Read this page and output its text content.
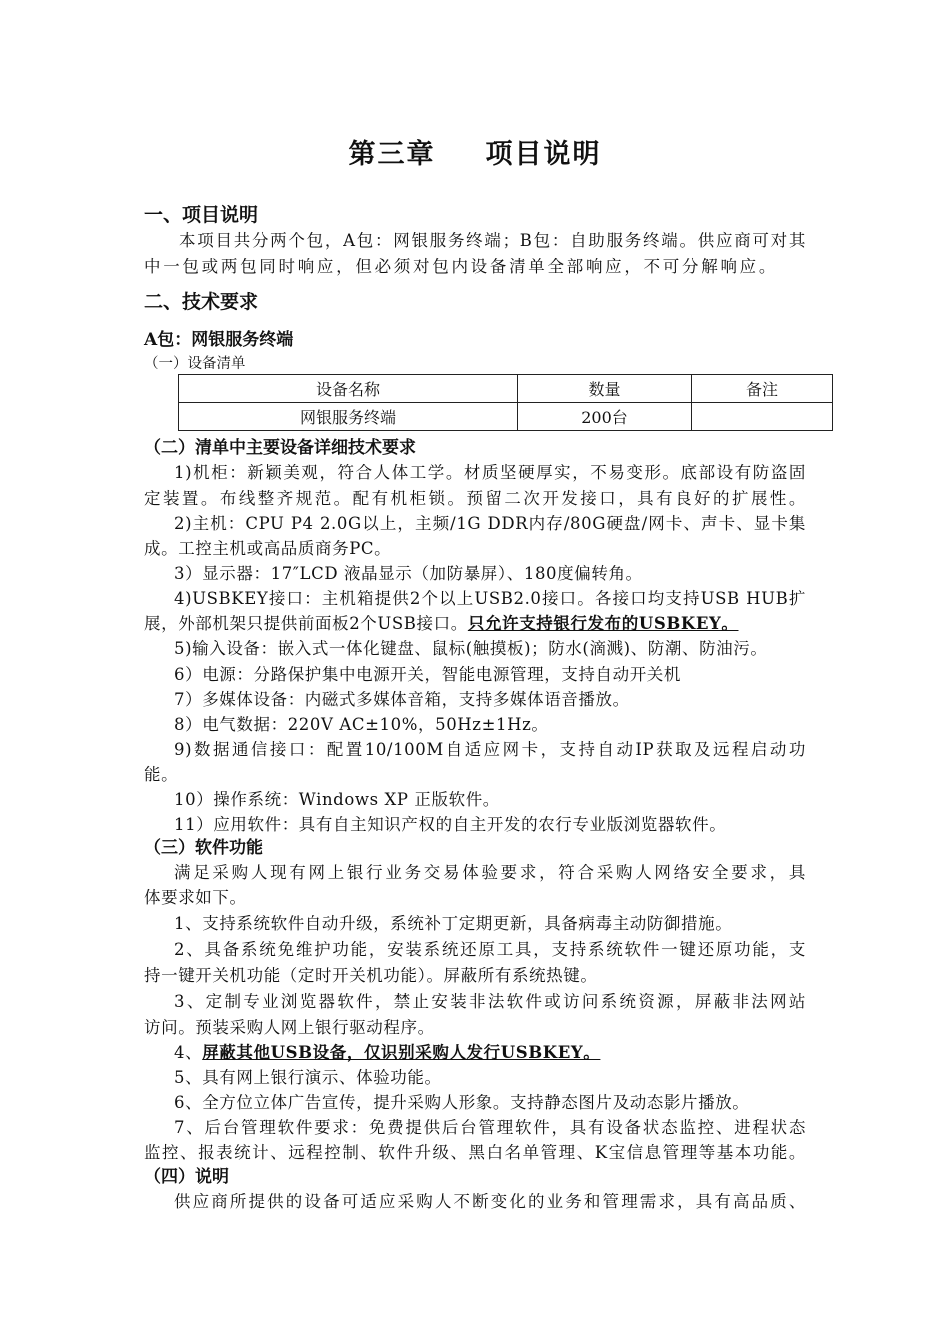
第三章 项目说明
一、项目说明
本项目共分两个包，A包：网银服务终端；B包：自助服务终端。供应商可对其
中一包或两包同时响应，但必须对包内设备清单全部响应，不可分解响应。
二、技术要求
A包：网银服务终端
（一）设备清单
设备名称	数量	备注
网银服务终端	200台	
（二）清单中主要设备详细技术要求
1)机柜：新颖美观，符合人体工学。材质坚硬厚实，不易变形。底部设有防盗固
定装置。布线整齐规范。配有机柜锁。预留二次开发接口，具有良好的扩展性。
2)主机：CPU P4 2.0G以上，主频/1G DDR内存/80G硬盘/网卡、声卡、显卡集
成。工控主机或高品质商务PC。
3）显示器：17″LCD 液晶显示（加防暴屏）、180度偏转角。
4)USBKEY接口：主机箱提供2个以上USB2.0接口。各接口均支持USB HUB扩
展，外部机架只提供前面板2个USB接口。只允许支持银行发布的USBKEY。
5)输入设备：嵌入式一体化键盘、鼠标(触摸板)；防水(滴溅)、防潮、防油污。
6）电源：分路保护集中电源开关，智能电源管理，支持自动开关机
7）多媒体设备：内磁式多媒体音箱，支持多媒体语音播放。
8）电气数据：220V AC±10%，50Hz±1Hz。
9)数据通信接口：配置10/100M自适应网卡，支持自动IP获取及远程启动功
能。
10）操作系统：Windows XP 正版软件。
11）应用软件：具有自主知识产权的自主开发的农行专业版浏览器软件。
（三）软件功能
满足采购人现有网上银行业务交易体验要求，符合采购人网络安全要求，具
体要求如下。
1、支持系统软件自动升级，系统补丁定期更新，具备病毒主动防御措施。
2、具备系统免维护功能，安装系统还原工具，支持系统软件一键还原功能，支
持一键开关机功能（定时开关机功能）。屏蔽所有系统热键。
3、定制专业浏览器软件，禁止安装非法软件或访问系统资源，屏蔽非法网站
访问。预装采购人网上银行驱动程序。
4、屏蔽其他USB设备，仅识别采购人发行USBKEY。
5、具有网上银行演示、体验功能。
6、全方位立体广告宣传，提升采购人形象。支持静态图片及动态影片播放。
7、后台管理软件要求：免费提供后台管理软件，具有设备状态监控、进程状态
监控、报表统计、远程控制、软件升级、黑白名单管理、K宝信息管理等基本功能。
（四）说明
供应商所提供的设备可适应采购人不断变化的业务和管理需求，具有高品质、
